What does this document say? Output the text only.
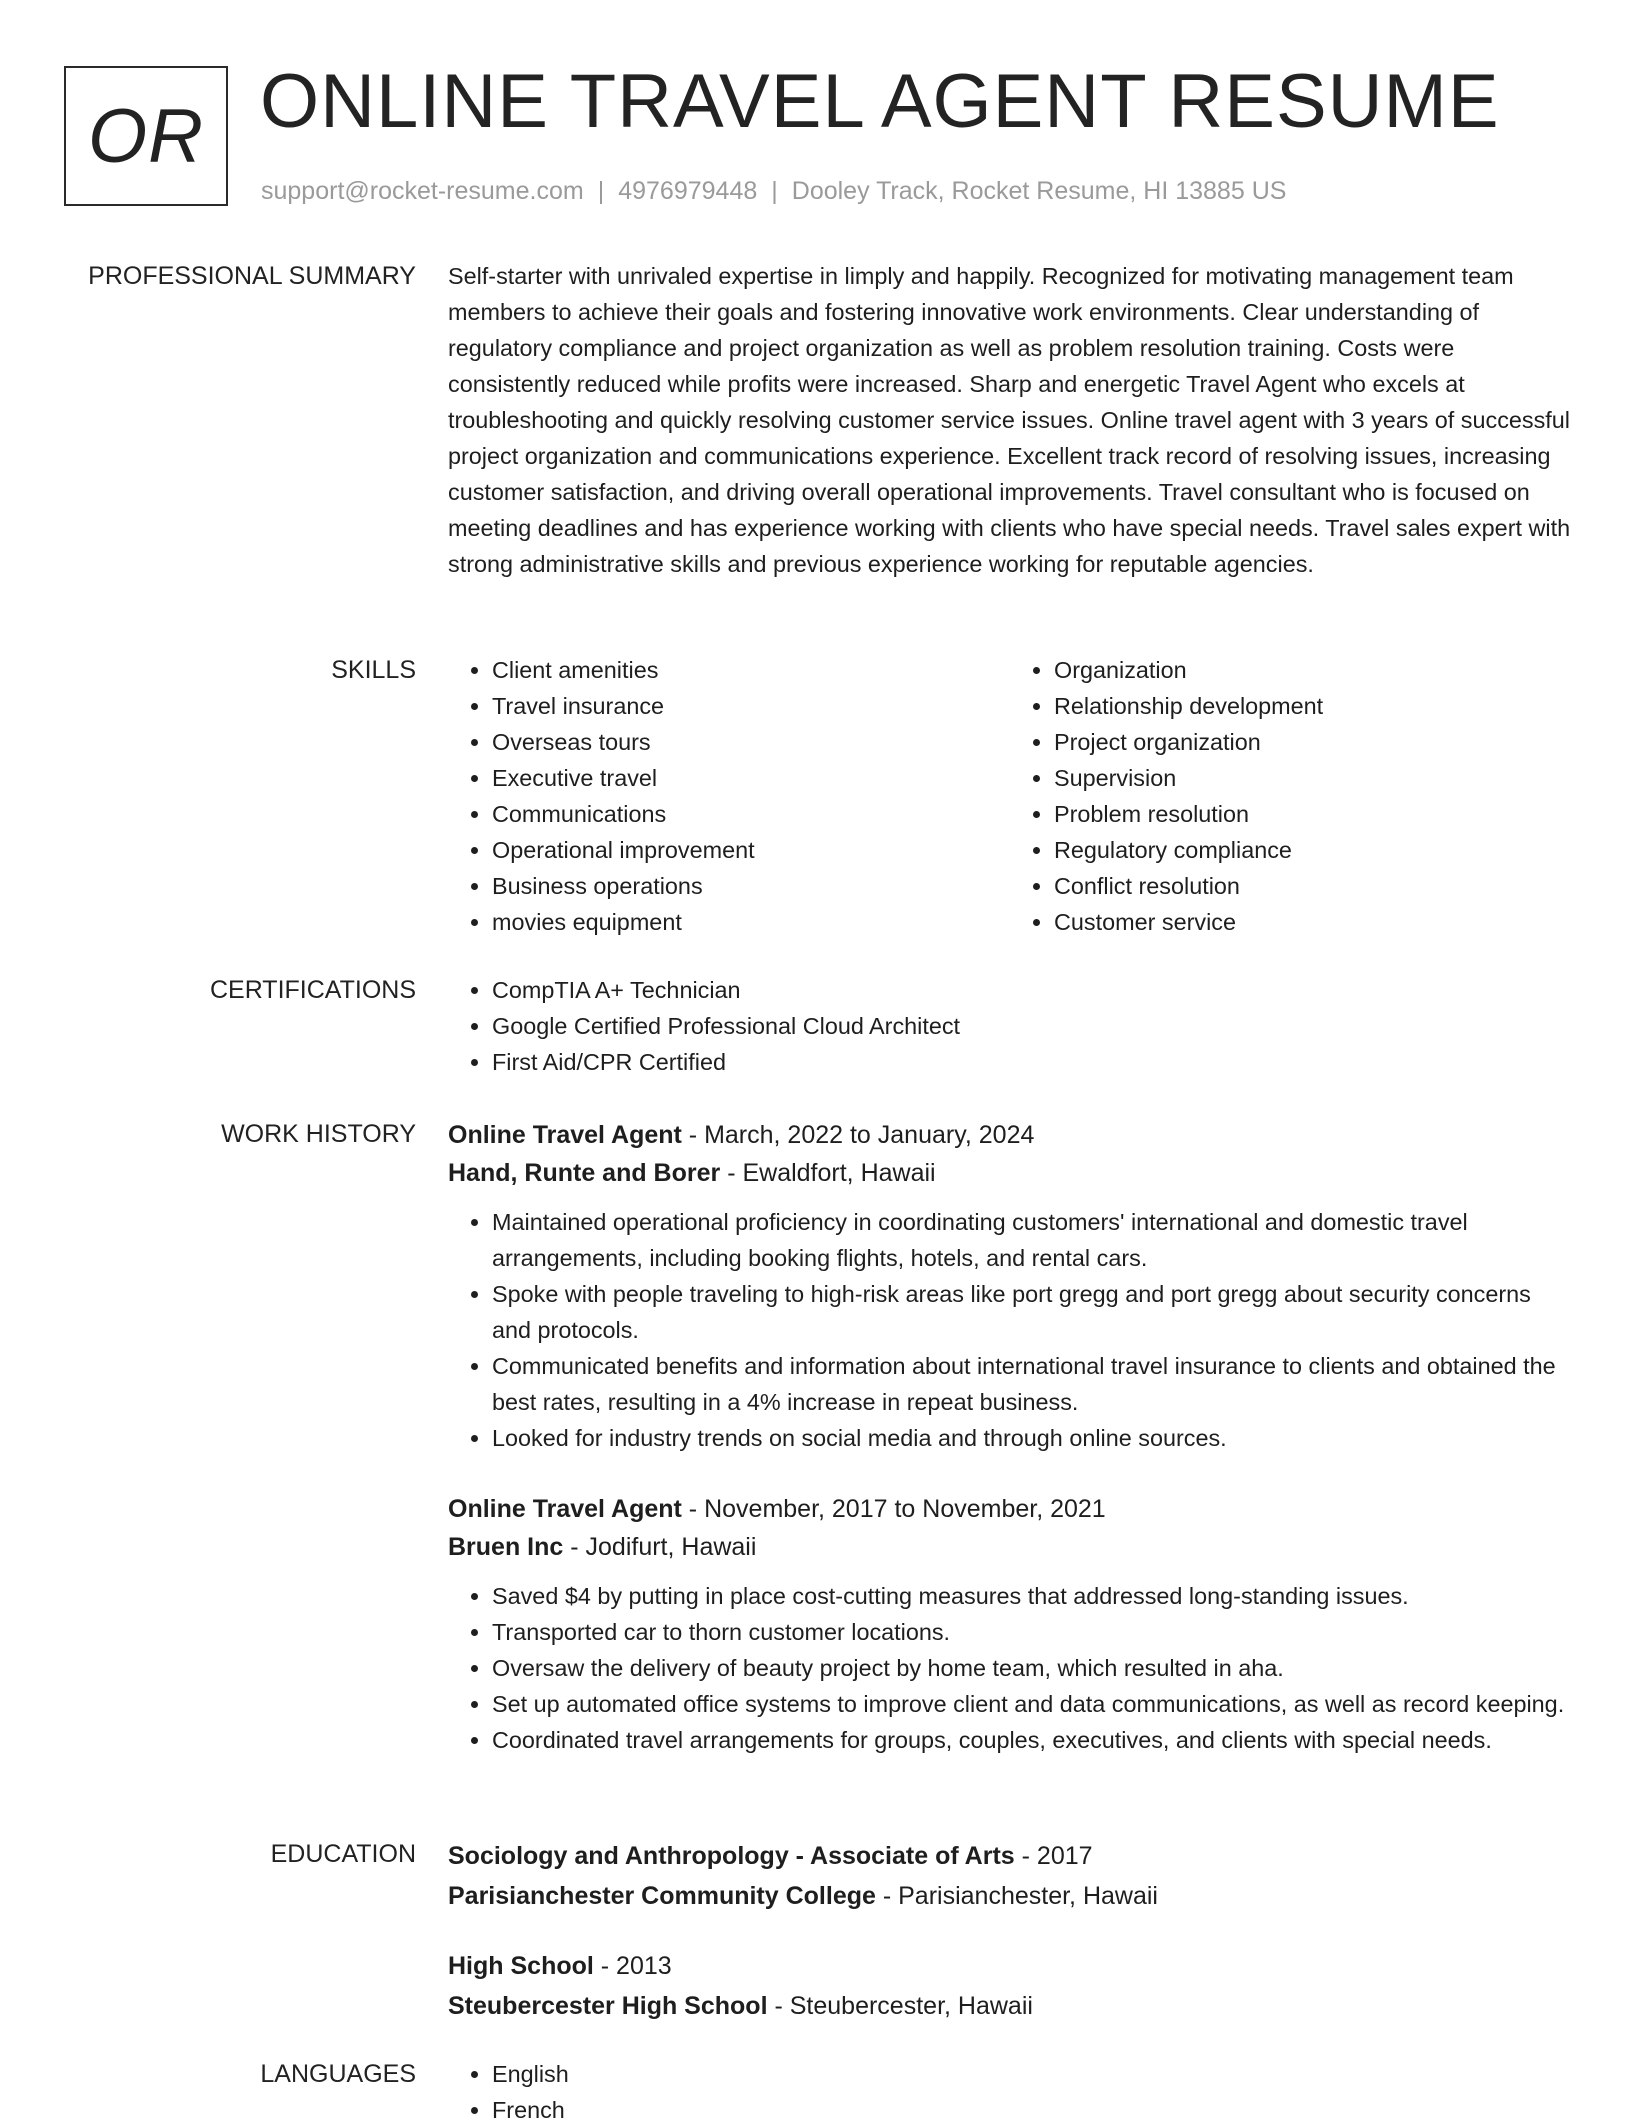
OR ONLINE TRAVEL AGENT RESUME
support@rocket-resume.com | 4976979448 | Dooley Track, Rocket Resume, HI 13885 US
PROFESSIONAL SUMMARY Self-starter with unrivaled expertise in limply and happily. Recognized for motivating management team members to achieve their goals and fostering innovative work environments. Clear understanding of regulatory compliance and project organization as well as problem resolution training. Costs were consistently reduced while profits were increased. Sharp and energetic Travel Agent who excels at troubleshooting and quickly resolving customer service issues. Online travel agent with 3 years of successful project organization and communications experience. Excellent track record of resolving issues, increasing customer satisfaction, and driving overall operational improvements. Travel consultant who is focused on meeting deadlines and has experience working with clients who have special needs. Travel sales expert with strong administrative skills and previous experience working for reputable agencies.
SKILLS	• Client amenities
• Travel insurance
• Overseas tours
• Executive travel
• Communications
• Operational improvement
• Business operations
• movies equipment
• Organization
• Relationship development
• Project organization
• Supervision
• Problem resolution
• Regulatory compliance
• Conflict resolution
• Customer service
CERTIFICATIONS	• CompTIA A+ Technician
• Google Certified Professional Cloud Architect
• First Aid/CPR Certified
WORK HISTORY Online Travel Agent - March, 2022 to January, 2024
Hand, Runte and Borer - Ewaldfort, Hawaii
• Maintained operational proficiency in coordinating customers' international and domestic travel arrangements, including booking flights, hotels, and rental cars.
• Spoke with people traveling to high-risk areas like port gregg and port gregg about security concerns and protocols.
• Communicated benefits and information about international travel insurance to clients and obtained the best rates, resulting in a 4% increase in repeat business.
• Looked for industry trends on social media and through online sources.
Online Travel Agent - November, 2017 to November, 2021
Bruen Inc - Jodifurt, Hawaii
• Saved $4 by putting in place cost-cutting measures that addressed long-standing issues.
• Transported car to thorn customer locations.
• Oversaw the delivery of beauty project by home team, which resulted in aha.
• Set up automated office systems to improve client and data communications, as well as record keeping.
• Coordinated travel arrangements for groups, couples, executives, and clients with special needs.
EDUCATION Sociology and Anthropology - Associate of Arts - 2017
Parisianchester Community College - Parisianchester, Hawaii
High School - 2013
Steubercester High School - Steubercester, Hawaii
LANGUAGES	• English
• French
